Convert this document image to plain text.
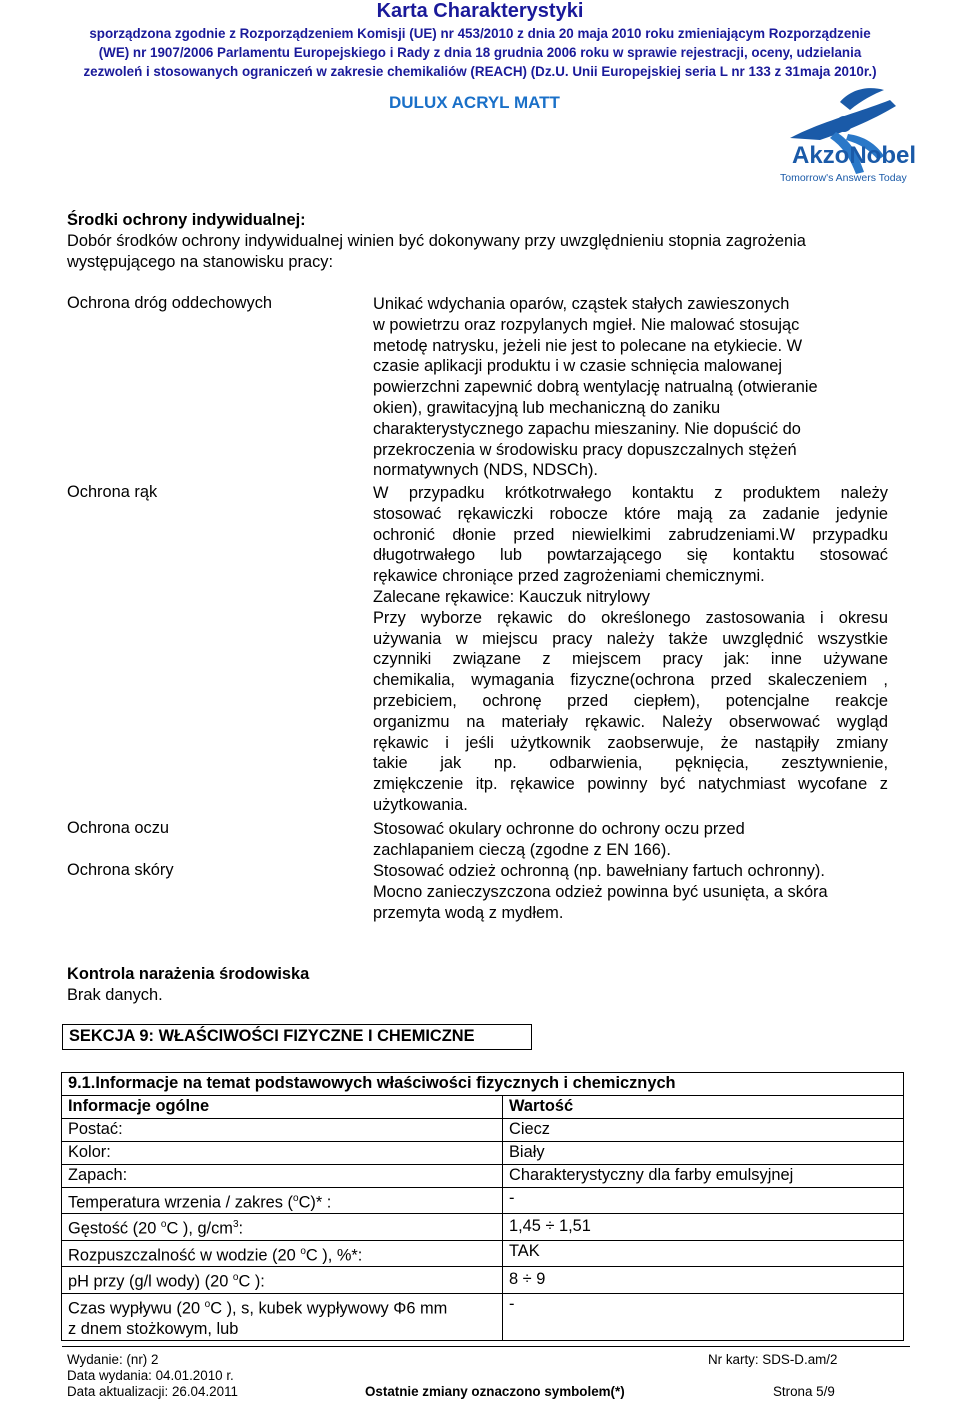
Karta Charakterystyki
sporządzona zgodnie z Rozporządzeniem Komisji (UE) nr 453/2010 z dnia 20 maja 2010 roku zmieniającym Rozporządzenie
(WE) nr 1907/2006 Parlamentu Europejskiego i Rady z dnia 18 grudnia 2006 roku w sprawie rejestracji, oceny, udzielania
zezwoleń i stosowanych ograniczeń w zakresie chemikaliów (REACH) (Dz.U. Unii Europejskiej seria L nr 133 z 31maja 2010r.)
DULUX ACRYL MATT
AkzoNobel
Tomorrow's Answers Today
Środki ochrony indywidualnej:
Dobór środków ochrony indywidualnej winien być dokonywany przy uwzględnieniu stopnia zagrożenia
występującego na stanowisku pracy:
Ochrona dróg oddechowych	Unikać wdychania oparów, cząstek stałych zawieszonych
w powietrzu oraz rozpylanych mgieł. Nie malować stosując
metodę natrysku, jeżeli nie jest to polecane na etykiecie. W
czasie aplikacji produktu i w czasie schnięcia malowanej
powierzchni zapewnić dobrą wentylację natrualną (otwieranie
okien), grawitacyjną lub mechaniczną do zaniku
charakterystycznego zapachu mieszaniny. Nie dopuścić do
przekroczenia w środowisku pracy dopuszczalnych stężeń
normatywnych (NDS, NDSCh).
Ochrona rąk	W przypadku krótkotrwałego kontaktu z produktem należy
stosować rękawiczki robocze które mają za zadanie jedynie
ochronić dłonie przed niewielkimi zabrudzeniami.W przypadku
długotrwałego lub powtarzającego się kontaktu stosować
rękawice chroniące przed zagrożeniami chemicznymi.
Zalecane rękawice: Kauczuk nitrylowy
Przy wyborze rękawic do określonego zastosowania i okresu
używania w miejscu pracy należy także uwzględnić wszystkie
czynniki związane z miejscem pracy jak: inne używane
chemikalia, wymagania fizyczne(ochrona przed skaleczeniem ,
przebiciem, ochronę przed ciepłem), potencjalne reakcje
organizmu na materiały rękawic. Należy obserwować wygląd
rękawic i jeśli użytkownik zaobserwuje, że nastąpiły zmiany
takie jak np. odbarwienia, pęknięcia, zesztywnienie,
zmiękczenie itp. rękawice powinny być natychmiast wycofane z
użytkowania.
Ochrona oczu	Stosować okulary ochronne do ochrony oczu przed
zachlapaniem cieczą (zgodne z EN 166).
Ochrona skóry	Stosować odzież ochronną (np. bawełniany fartuch ochronny).
Mocno zanieczyszczona odzież powinna być usunięta, a skóra
przemyta wodą z mydłem.
Kontrola narażenia środowiska
Brak danych.
SEKCJA 9: WŁAŚCIWOŚCI FIZYCZNE I CHEMICZNE
9.1.Informacje na temat podstawowych właściwości fizycznych i chemicznych	
Informacje ogólne	Wartość
Postać:	Ciecz
Kolor:	Biały
Zapach:	Charakterystyczny dla farby emulsyjnej
Temperatura wrzenia / zakres ($^o$C)* :	-
Gęstość (20 $^o$C ), $g/cm^3$:	1,45 ÷ 1,51
Rozpuszczalność w wodzie (20 $^o$C ), %*:	TAK
pH przy (g/l wody) (20 $^o$C ):	8 ÷ 9
Czas wypływu (20 $^o$C ), s, kubek wypływowy Φ6 mm
z dnem stożkowym, lub	-
Wydanie: (nr) 2	Nr karty: SDS-D.am/2
Data wydania: 04.01.2010 r.
Data aktualizacji: 26.04.2011	Ostatnie zmiany oznaczono symbolem(*)	Strona 5/9
